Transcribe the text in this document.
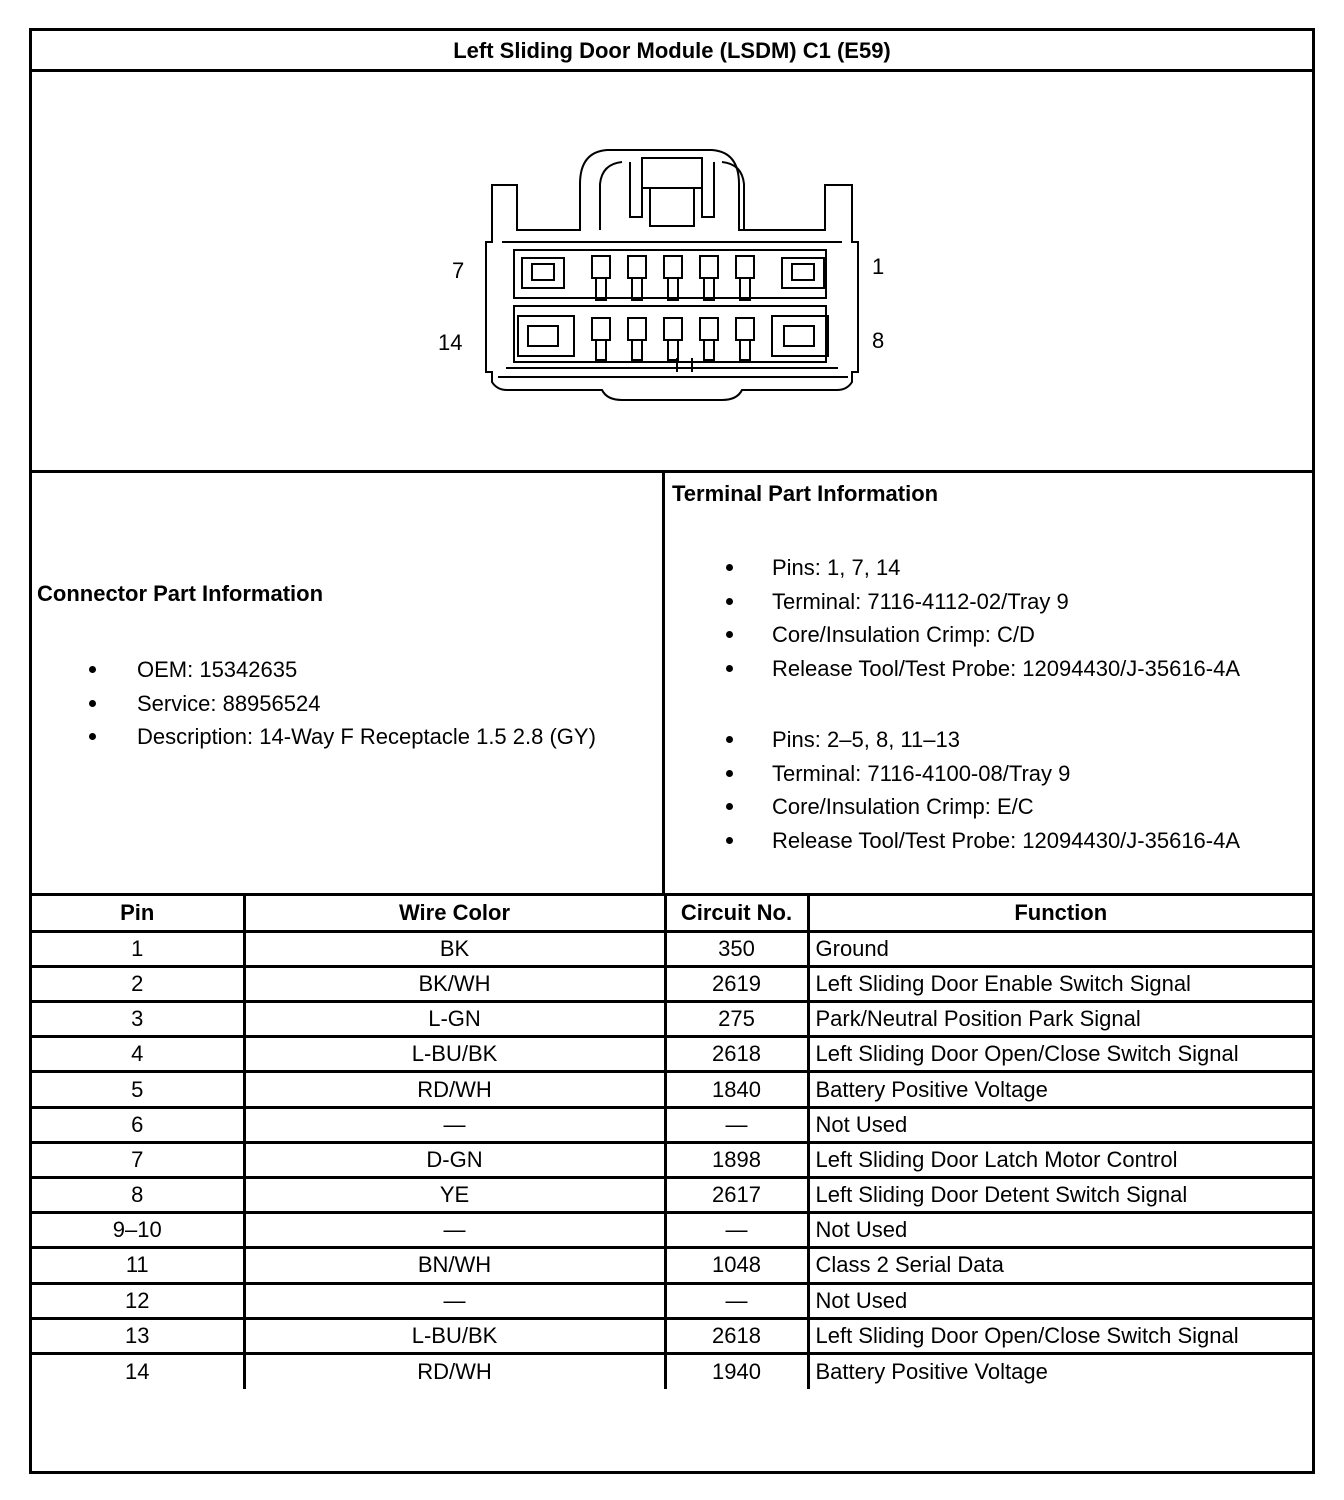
Left Sliding Door Module (LSDM) C1 (E59)
7	1
14	8
Connector Part Information
OEM: 15342635
Service: 88956524
Description: 14-Way F Receptacle 1.5 2.8 (GY)
Terminal Part Information
Pins: 1, 7, 14
Terminal: 7116-4112-02/Tray 9
Core/Insulation Crimp: C/D
Release Tool/Test Probe: 12094430/J-35616-4A
Pins: 2–5, 8, 11–13
Terminal: 7116-4100-08/Tray 9
Core/Insulation Crimp: E/C
Release Tool/Test Probe: 12094430/J-35616-4A
Pin	Wire Color	Circuit No.	Function
1	BK	350	Ground
2	BK/WH	2619	Left Sliding Door Enable Switch Signal
3	L-GN	275	Park/Neutral Position Park Signal
4	L-BU/BK	2618	Left Sliding Door Open/Close Switch Signal
5	RD/WH	1840	Battery Positive Voltage
6	—	—	Not Used
7	D-GN	1898	Left Sliding Door Latch Motor Control
8	YE	2617	Left Sliding Door Detent Switch Signal
9–10	—	—	Not Used
11	BN/WH	1048	Class 2 Serial Data
12	—	—	Not Used
13	L-BU/BK	2618	Left Sliding Door Open/Close Switch Signal
14	RD/WH	1940	Battery Positive Voltage
